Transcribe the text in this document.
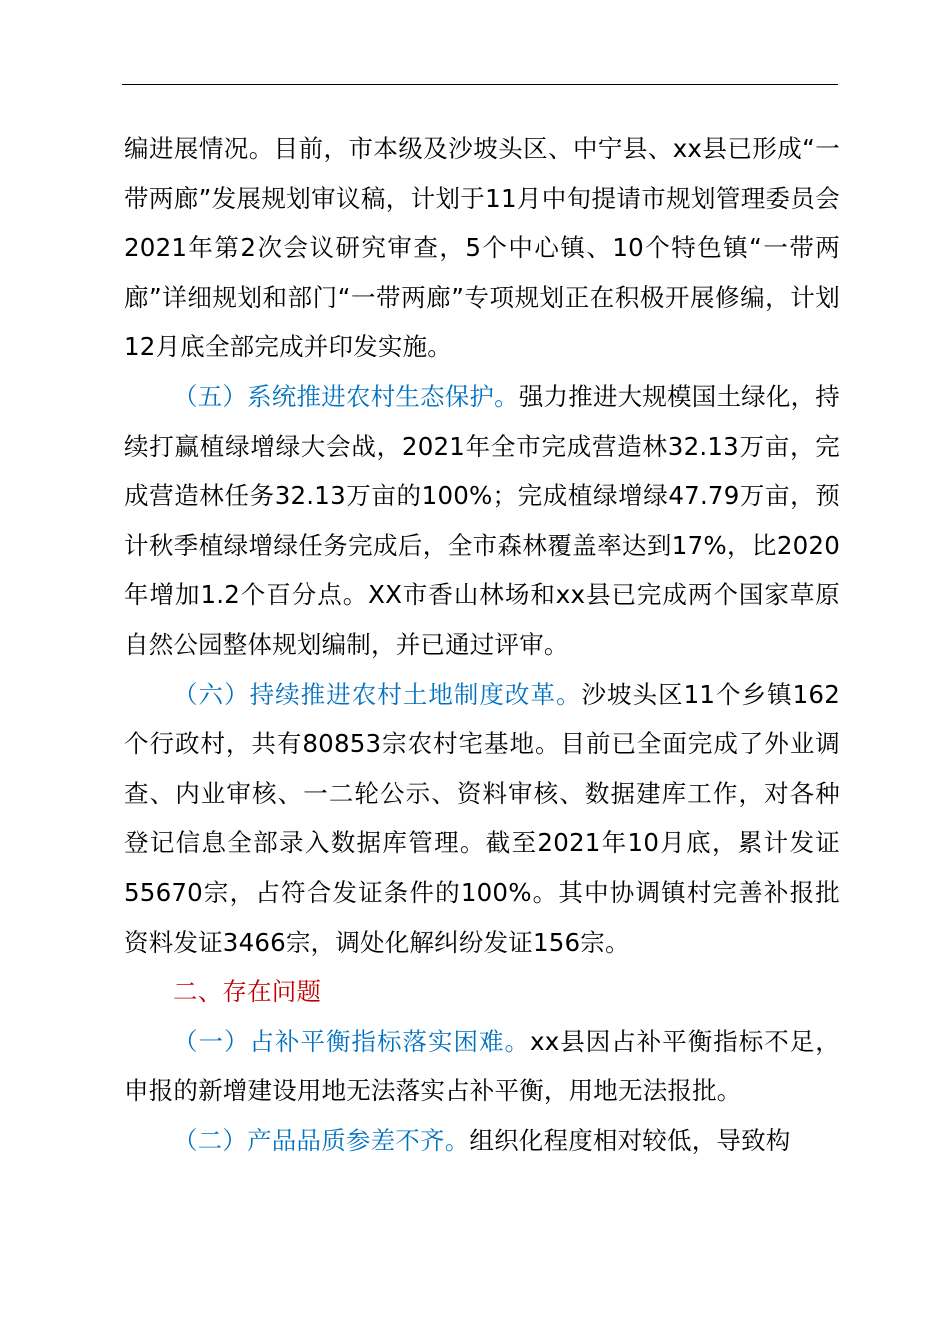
编进展情况。目前，市本级及沙坡头区、中宁县、xx县已形成“一带两廊”发展规划审议稿，计划于11月中旬提请市规划管理委员会2021年第2次会议研究审查，5个中心镇、10个特色镇“一带两廊”详细规划和部门“一带两廊”专项规划正在积极开展修编，计划12月底全部完成并印发实施。

（五）系统推进农村生态保护。强力推进大规模国土绿化，持续打赢植绿增绿大会战，2021年全市完成营造林32.13万亩，完成营造林任务32.13万亩的100%；完成植绿增绿47.79万亩，预计秋季植绿增绿任务完成后，全市森林覆盖率达到17%，比2020年增加1.2个百分点。XX市香山林场和xx县已完成两个国家草原自然公园整体规划编制，并已通过评审。

（六）持续推进农村土地制度改革。沙坡头区11个乡镇162个行政村，共有80853宗农村宅基地。目前已全面完成了外业调查、内业审核、一二轮公示、资料审核、数据建库工作，对各种登记信息全部录入数据库管理。截至2021年10月底，累计发证55670宗，占符合发证条件的100%。其中协调镇村完善补报批资料发证3466宗，调处化解纠纷发证156宗。

二、存在问题

（一）占补平衡指标落实困难。xx县因占补平衡指标不足，申报的新增建设用地无法落实占补平衡，用地无法报批。

（二）产品品质参差不齐。组织化程度相对较低，导致构
